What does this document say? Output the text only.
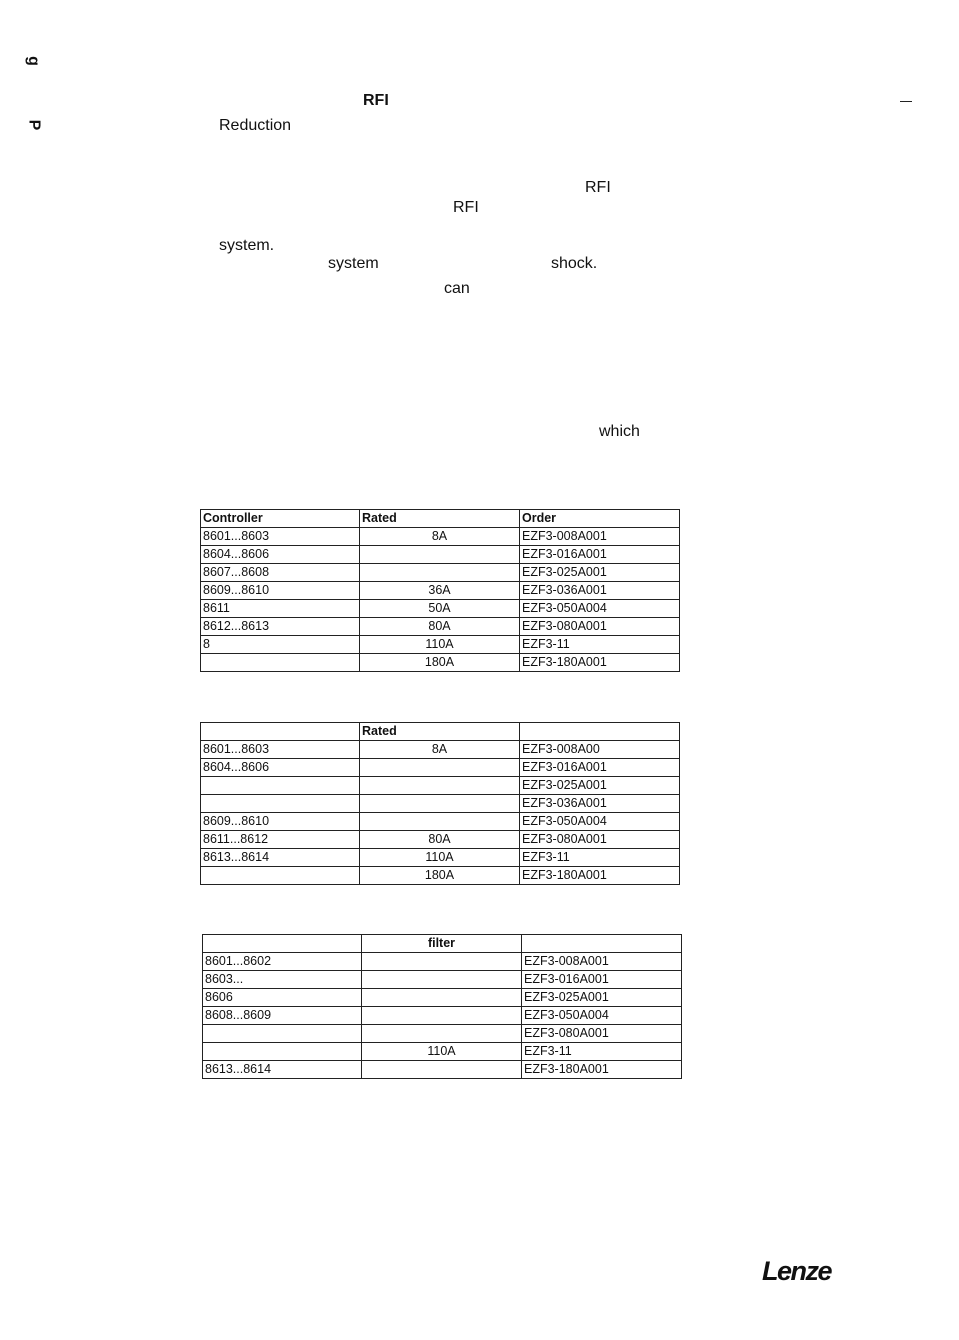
g
P
RFI
Reduction
RFI
RFI
system.
system	shock.
can
which
Controller	Rated	Order
8601...8603	8A	EZF3-008A001
8604...8606		EZF3-016A001
8607...8608		EZF3-025A001
8609...8610	36A	EZF3-036A001
8611	50A	EZF3-050A004
8612...8613	80A	EZF3-080A001
8	110A	EZF3-11
	180A	EZF3-180A001
	Rated	
8601...8603	8A	EZF3-008A00
8604...8606		EZF3-016A001
		EZF3-025A001
		EZF3-036A001
8609...8610		EZF3-050A004
8611...8612	80A	EZF3-080A001
8613...8614	110A	EZF3-11
	180A	EZF3-180A001
	filter	
8601...8602		EZF3-008A001
8603...		EZF3-016A001
8606		EZF3-025A001
8608...8609		EZF3-050A004
		EZF3-080A001
	110A	EZF3-11
8613...8614		EZF3-180A001
Lenze
